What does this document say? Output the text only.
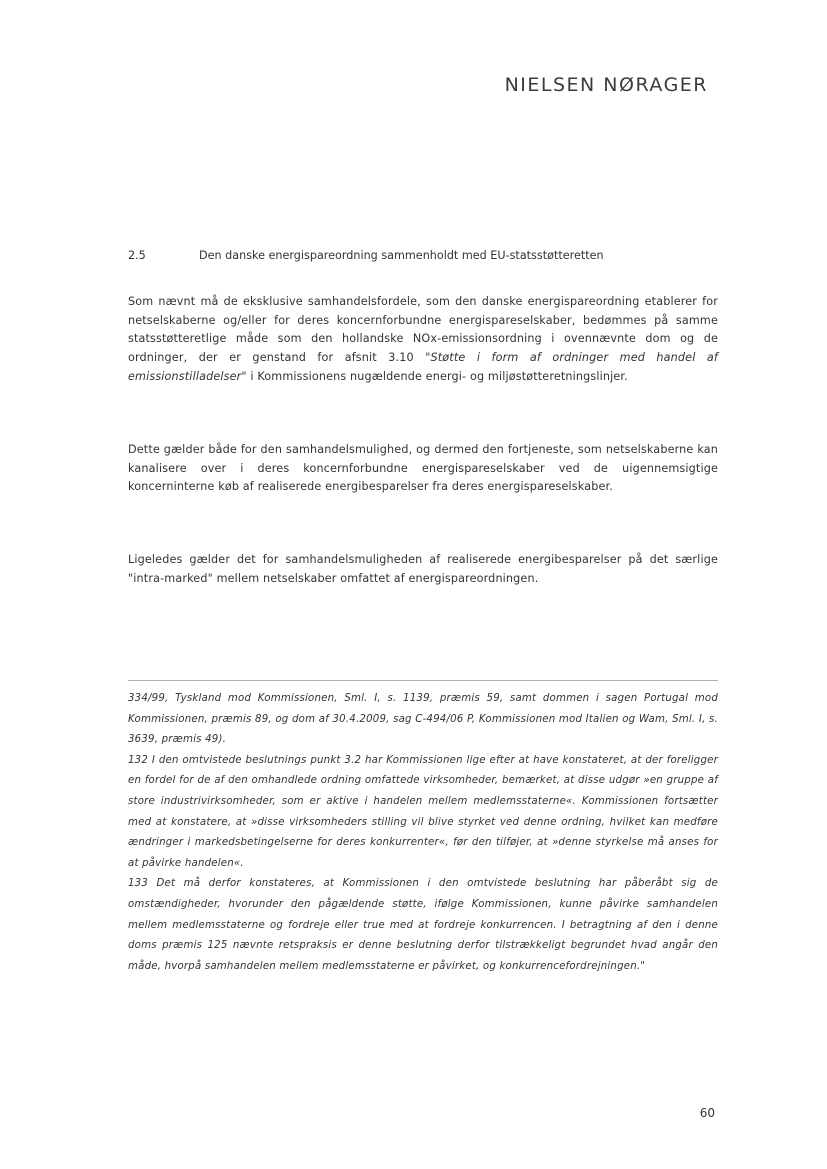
NIELSEN NØRAGER
2.5	Den danske energispareordning sammenholdt med EU-statsstøtteretten

Som nævnt må de eksklusive samhandelsfordele, som den danske energispareordning etablerer for netselskaberne og/eller for deres koncernforbundne energispareselskaber, bedømmes på samme statsstøtteretlige måde som den hollandske NOx-emissionsordning i ovennævnte dom og de ordninger, der er genstand for afsnit 3.10 "Støtte i form af ordninger med handel af emissionstilladelser" i Kommissionens nugældende energi- og miljøstøtteretningslinjer.

Dette gælder både for den samhandelsmulighed, og dermed den fortjeneste, som netselskaberne kan kanalisere over i deres koncernforbundne energispareselskaber ved de uigennemsigtige koncerninterne køb af realiserede energibesparelser fra deres energispareselskaber.

Ligeledes gælder det for samhandelsmuligheden af realiserede energibesparelser på det særlige "intra-marked" mellem netselskaber omfattet af energispareordningen.

334/99, Tyskland mod Kommissionen, Sml. I, s. 1139, præmis 59, samt dommen i sagen Portugal mod Kommissionen, præmis 89, og dom af 30.4.2009, sag C-494/06 P, Kommissionen mod Italien og Wam, Sml. I, s. 3639, præmis 49).

132 I den omtvistede beslutnings punkt 3.2 har Kommissionen lige efter at have konstateret, at der foreligger en fordel for de af den omhandlede ordning omfattede virksomheder, bemærket, at disse udgør »en gruppe af store industrivirksomheder, som er aktive i handelen mellem medlemsstaterne«. Kommissionen fortsætter med at konstatere, at »disse virksomheders stilling vil blive styrket ved denne ordning, hvilket kan medføre ændringer i markedsbetingelserne for deres konkurrenter«, før den tilføjer, at »denne styrkelse må anses for at påvirke handelen«.

133 Det må derfor konstateres, at Kommissionen i den omtvistede beslutning har påberåbt sig de omstændigheder, hvorunder den pågældende støtte, ifølge Kommissionen, kunne påvirke samhandelen mellem medlemsstaterne og fordreje eller true med at fordreje konkurrencen. I betragtning af den i denne doms præmis 125 nævnte retspraksis er denne beslutning derfor tilstrækkeligt begrundet hvad angår den måde, hvorpå samhandelen mellem medlemsstaterne er påvirket, og konkurrencefordrejningen."

60
